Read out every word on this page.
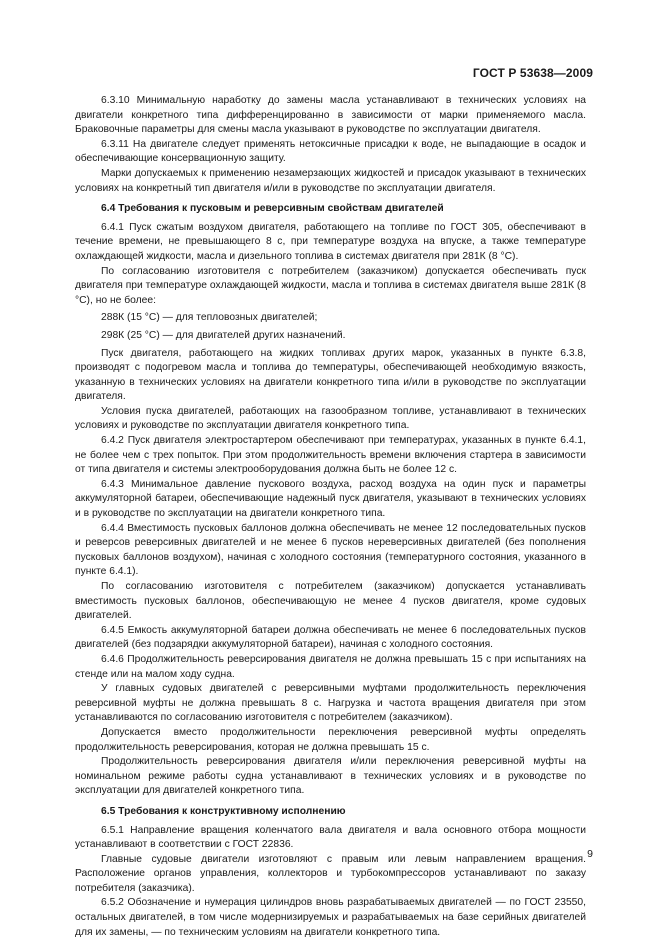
ГОСТ Р 53638—2009

6.3.10 Минимальную наработку до замены масла устанавливают в технических условиях на двигатели конкретного типа дифференцированно в зависимости от марки применяемого масла. Браковочные параметры для смены масла указывают в руководстве по эксплуатации двигателя.

6.3.11 На двигателе следует применять нетоксичные присадки к воде, не выпадающие в осадок и обеспечивающие консервационную защиту.

Марки допускаемых к применению незамерзающих жидкостей и присадок указывают в технических условиях на конкретный тип двигателя и/или в руководстве по эксплуатации двигателя.

6.4 Требования к пусковым и реверсивным свойствам двигателей

6.4.1 Пуск сжатым воздухом двигателя, работающего на топливе по ГОСТ 305, обеспечивают в течение времени, не превышающего 8 с, при температуре воздуха на впуске, а также температуре охлаждающей жидкости, масла и дизельного топлива в системах двигателя при 281К (8 °С).

По согласованию изготовителя с потребителем (заказчиком) допускается обеспечивать пуск двигателя при температуре охлаждающей жидкости, масла и топлива в системах двигателя выше 281К (8 °С), но не более:

288К (15 °С) — для тепловозных двигателей;

298К (25 °С) — для двигателей других назначений.

Пуск двигателя, работающего на жидких топливах других марок, указанных в пункте 6.3.8, производят с подогревом масла и топлива до температуры, обеспечивающей необходимую вязкость, указанную в технических условиях на двигатели конкретного типа и/или в руководстве по эксплуатации двигателя.

Условия пуска двигателей, работающих на газообразном топливе, устанавливают в технических условиях и руководстве по эксплуатации двигателя конкретного типа.

6.4.2 Пуск двигателя электростартером обеспечивают при температурах, указанных в пункте 6.4.1, не более чем с трех попыток. При этом продолжительность времени включения стартера в зависимости от типа двигателя и системы электрооборудования должна быть не более 12 с.

6.4.3 Минимальное давление пускового воздуха, расход воздуха на один пуск и параметры аккумуляторной батареи, обеспечивающие надежный пуск двигателя, указывают в технических условиях и в руководстве по эксплуатации на двигатели конкретного типа.

6.4.4 Вместимость пусковых баллонов должна обеспечивать не менее 12 последовательных пусков и реверсов реверсивных двигателей и не менее 6 пусков нереверсивных двигателей (без пополнения пусковых баллонов воздухом), начиная с холодного состояния (температурного состояния, указанного в пункте 6.4.1).

По согласованию изготовителя с потребителем (заказчиком) допускается устанавливать вместимость пусковых баллонов, обеспечивающую не менее 4 пусков двигателя, кроме судовых двигателей.

6.4.5 Емкость аккумуляторной батареи должна обеспечивать не менее 6 последовательных пусков двигателей (без подзарядки аккумуляторной батареи), начиная с холодного состояния.

6.4.6 Продолжительность реверсирования двигателя не должна превышать 15 с при испытаниях на стенде или на малом ходу судна.

У главных судовых двигателей с реверсивными муфтами продолжительность переключения реверсивной муфты не должна превышать 8 с. Нагрузка и частота вращения двигателя при этом устанавливаются по согласованию изготовителя с потребителем (заказчиком).

Допускается вместо продолжительности переключения реверсивной муфты определять продолжительность реверсирования, которая не должна превышать 15 с.

Продолжительность реверсирования двигателя и/или переключения реверсивной муфты на номинальном режиме работы судна устанавливают в технических условиях и в руководстве по эксплуатации для двигателей конкретного типа.

6.5 Требования к конструктивному исполнению

6.5.1 Направление вращения коленчатого вала двигателя и вала основного отбора мощности устанавливают в соответствии с ГОСТ 22836.

Главные судовые двигатели изготовляют с правым или левым направлением вращения. Расположение органов управления, коллекторов и турбокомпрессоров устанавливают по заказу потребителя (заказчика).

6.5.2 Обозначение и нумерация цилиндров вновь разрабатываемых двигателей — по ГОСТ 23550, остальных двигателей, в том числе модернизируемых и разрабатываемых на базе серийных двигателей для их замены, — по техническим условиям на двигатели конкретного типа.

9
